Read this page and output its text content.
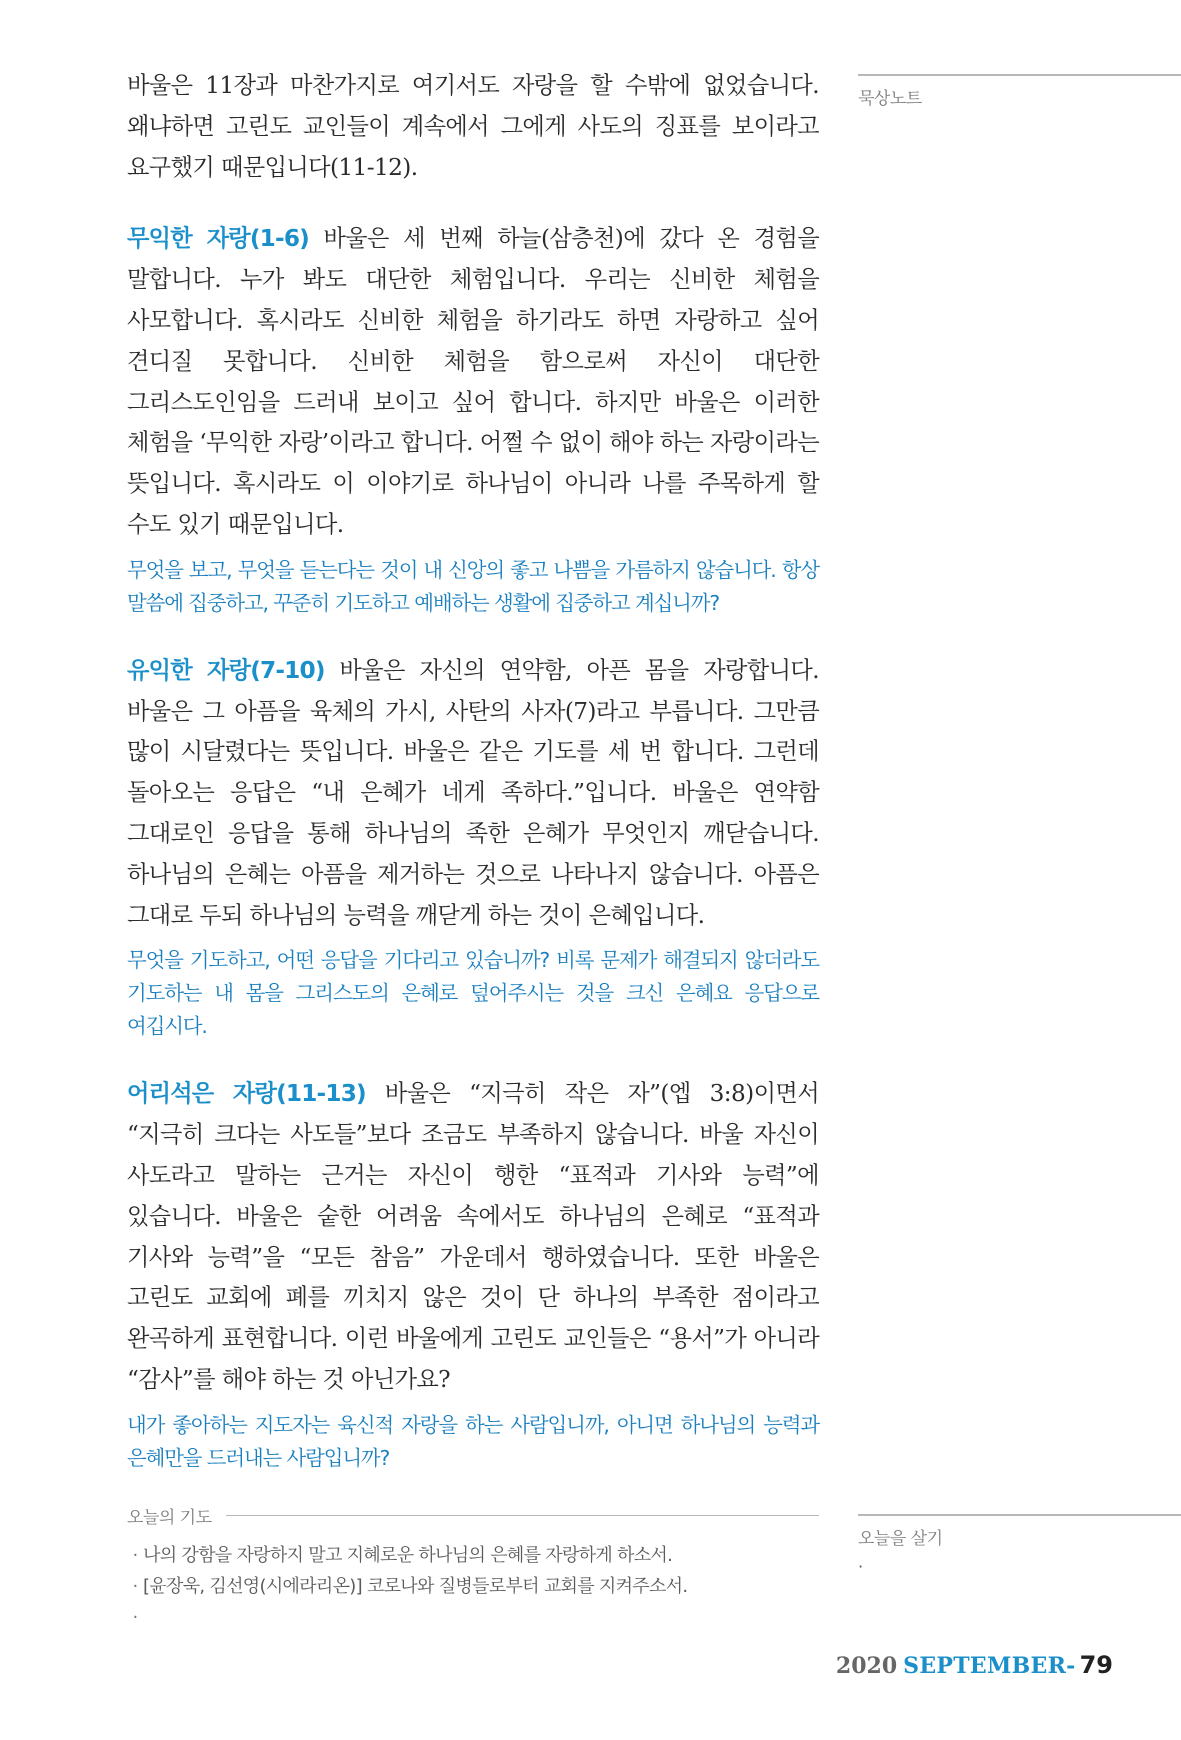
바울은 11장과 마찬가지로 여기서도 자랑을 할 수밖에 없었습니다. 왜냐하면 고린도 교인들이 계속에서 그에게 사도의 징표를 보이라고 요구했기 때문입니다(11-12).

무익한 자랑(1-6) 바울은 세 번째 하늘(삼층천)에 갔다 온 경험을 말합니다. 누가 봐도 대단한 체험입니다. 우리는 신비한 체험을 사모합니다. 혹시라도 신비한 체험을 하기라도 하면 자랑하고 싶어 견디질 못합니다. 신비한 체험을 함으로써 자신이 대단한 그리스도인임을 드러내 보이고 싶어 합니다. 하지만 바울은 이러한 체험을 ‘무익한 자랑’이라고 합니다. 어쩔 수 없이 해야 하는 자랑이라는 뜻입니다. 혹시라도 이 이야기로 하나님이 아니라 나를 주목하게 할 수도 있기 때문입니다.

무엇을 보고, 무엇을 듣는다는 것이 내 신앙의 좋고 나쁨을 가름하지 않습니다. 항상 말씀에 집중하고, 꾸준히 기도하고 예배하는 생활에 집중하고 계십니까?

유익한 자랑(7-10) 바울은 자신의 연약함, 아픈 몸을 자랑합니다. 바울은 그 아픔을 육체의 가시, 사탄의 사자(7)라고 부릅니다. 그만큼 많이 시달렸다는 뜻입니다. 바울은 같은 기도를 세 번 합니다. 그런데 돌아오는 응답은 “내 은혜가 네게 족하다.”입니다. 바울은 연약함 그대로인 응답을 통해 하나님의 족한 은혜가 무엇인지 깨닫습니다. 하나님의 은혜는 아픔을 제거하는 것으로 나타나지 않습니다. 아픔은 그대로 두되 하나님의 능력을 깨닫게 하는 것이 은혜입니다.

무엇을 기도하고, 어떤 응답을 기다리고 있습니까? 비록 문제가 해결되지 않더라도 기도하는 내 몸을 그리스도의 은혜로 덮어주시는 것을 크신 은혜요 응답으로 여깁시다.

어리석은 자랑(11-13) 바울은 “지극히 작은 자”(엡 3:8)이면서 “지극히 크다는 사도들”보다 조금도 부족하지 않습니다. 바울 자신이 사도라고 말하는 근거는 자신이 행한 “표적과 기사와 능력”에 있습니다. 바울은 숱한 어려움 속에서도 하나님의 은혜로 “표적과 기사와 능력”을 “모든 참음” 가운데서 행하였습니다. 또한 바울은 고린도 교회에 폐를 끼치지 않은 것이 단 하나의 부족한 점이라고 완곡하게 표현합니다. 이런 바울에게 고린도 교인들은 “용서”가 아니라 “감사”를 해야 하는 것 아닌가요?

내가 좋아하는 지도자는 육신적 자랑을 하는 사람입니까, 아니면 하나님의 능력과 은혜만을 드러내는 사람입니까?

묵상노트
오늘을 살기
·
오늘의 기도
· 나의 강함을 자랑하지 말고 지혜로운 하나님의 은혜를 자랑하게 하소서.
· [윤장욱, 김선영(시에라리온)] 코로나와 질병들로부터 교회를 지켜주소서.
·
2020 SEPTEMBER- 79
